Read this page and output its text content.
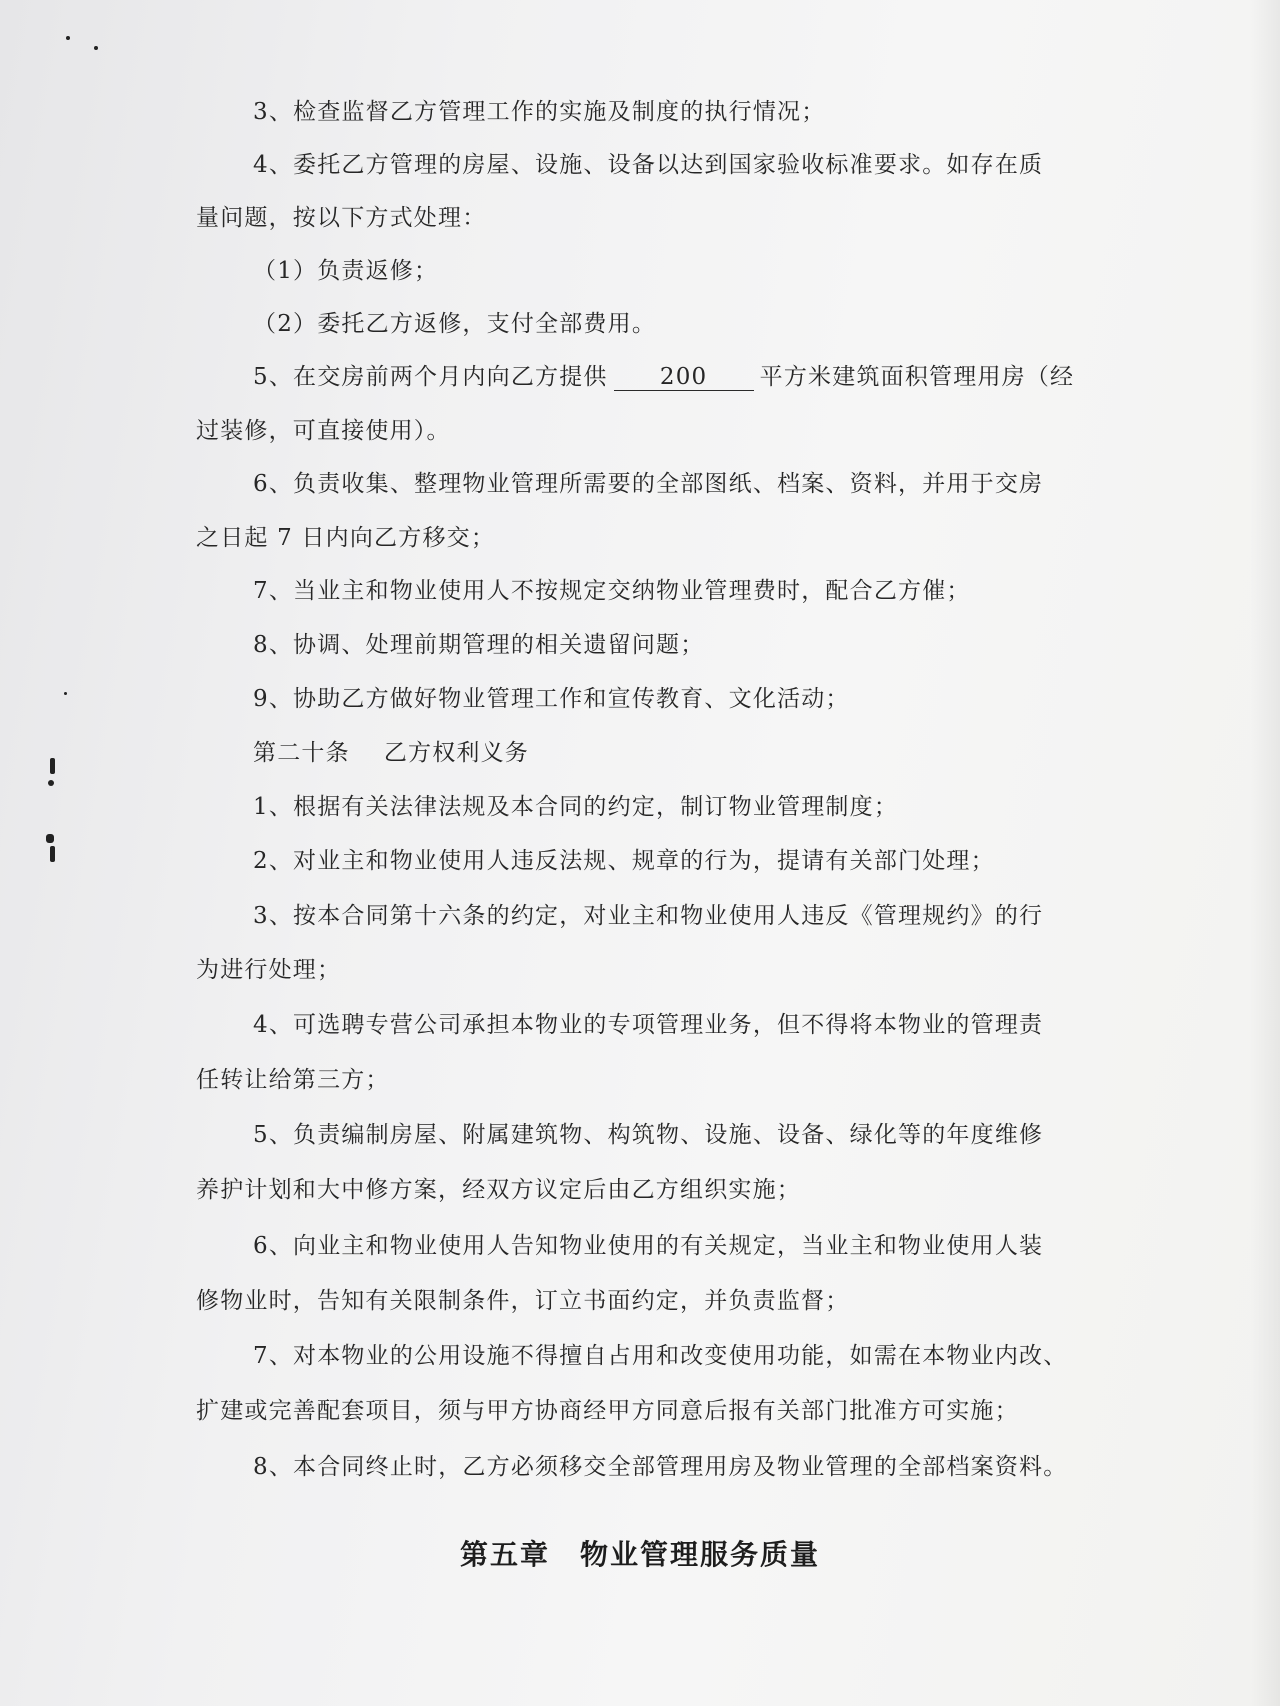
3、检查监督乙方管理工作的实施及制度的执行情况；
4、委托乙方管理的房屋、设施、设备以达到国家验收标准要求。如存在质
量问题，按以下方式处理：
（1）负责返修；
（2）委托乙方返修，支付全部费用。
5、在交房前两个月内向乙方提供 200 平方米建筑面积管理用房（经
过装修，可直接使用）。
6、负责收集、整理物业管理所需要的全部图纸、档案、资料，并用于交房
之日起 7 日内向乙方移交；
7、当业主和物业使用人不按规定交纳物业管理费时，配合乙方催；
8、协调、处理前期管理的相关遗留问题；
9、协助乙方做好物业管理工作和宣传教育、文化活动；
第二十条 乙方权利义务
1、根据有关法律法规及本合同的约定，制订物业管理制度；
2、对业主和物业使用人违反法规、规章的行为，提请有关部门处理；
3、按本合同第十六条的约定，对业主和物业使用人违反《管理规约》的行
为进行处理；
4、可选聘专营公司承担本物业的专项管理业务，但不得将本物业的管理责
任转让给第三方；
5、负责编制房屋、附属建筑物、构筑物、设施、设备、绿化等的年度维修
养护计划和大中修方案，经双方议定后由乙方组织实施；
6、向业主和物业使用人告知物业使用的有关规定，当业主和物业使用人装
修物业时，告知有关限制条件，订立书面约定，并负责监督；
7、对本物业的公用设施不得擅自占用和改变使用功能，如需在本物业内改、
扩建或完善配套项目，须与甲方协商经甲方同意后报有关部门批准方可实施；
8、本合同终止时，乙方必须移交全部管理用房及物业管理的全部档案资料。
第五章　物业管理服务质量
